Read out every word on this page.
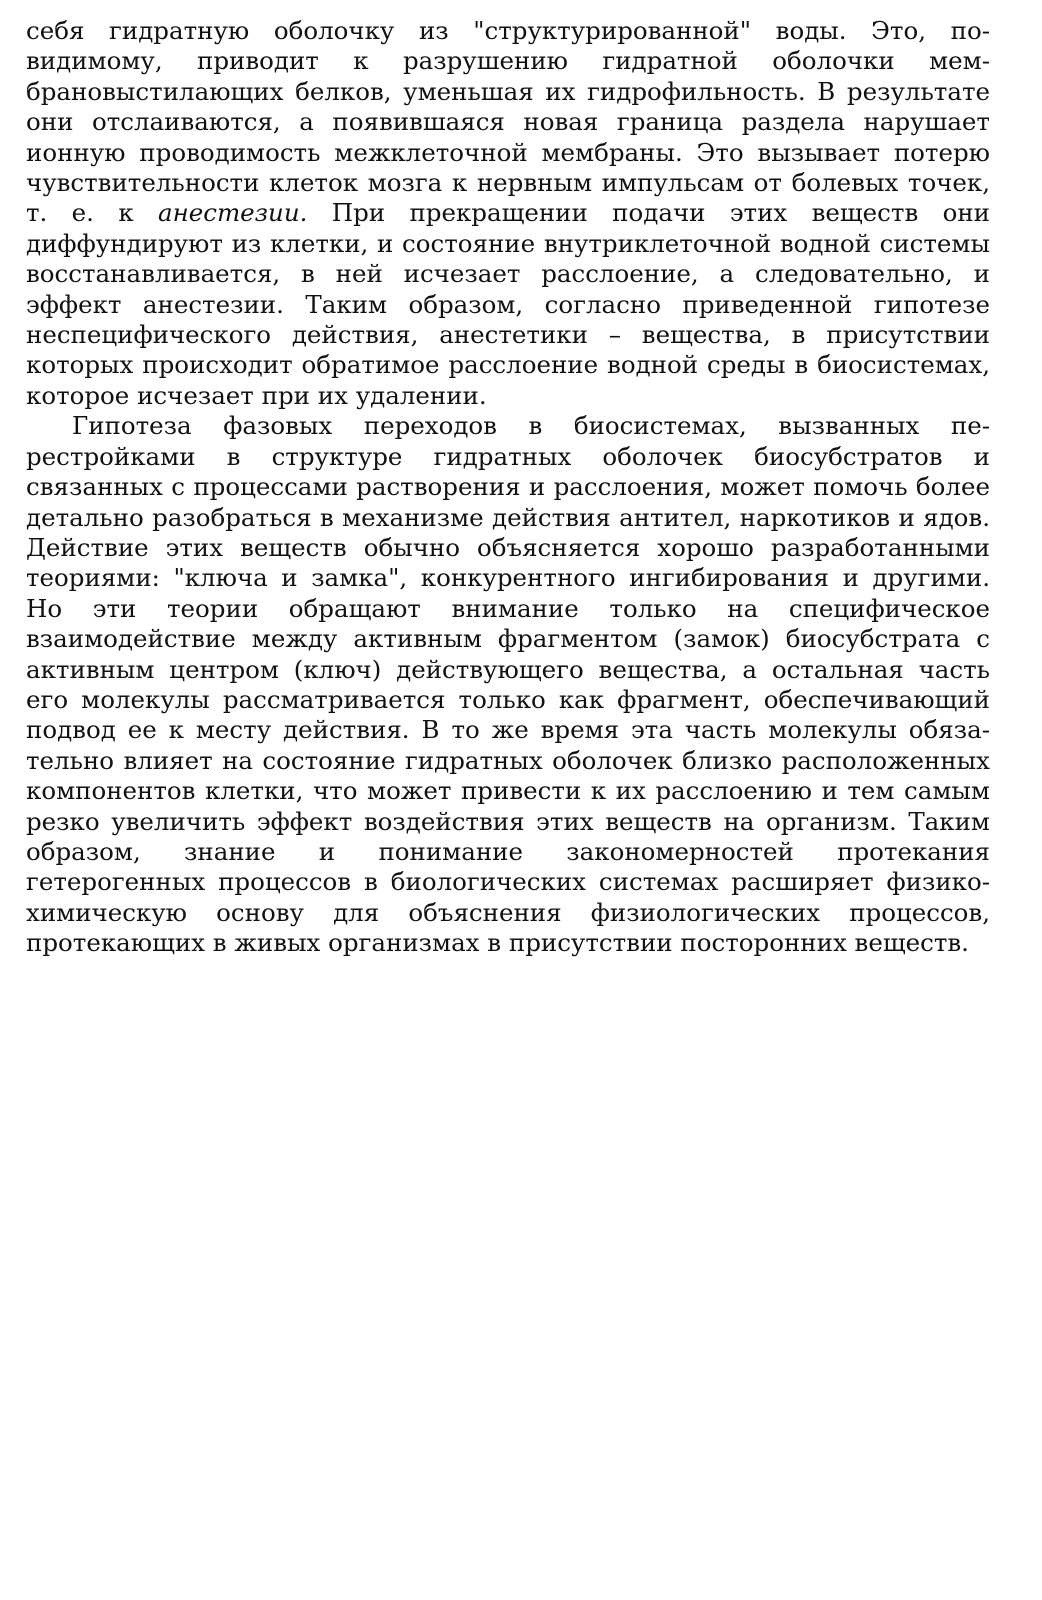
себя гидратную оболочку из "структурированной" воды. Это, повидимому, приводит к разрушению гидратной оболочки мембрановыстилающих белков, уменьшая их гидрофильность. В результате они отслаиваются, а появившаяся новая граница раздела нарушает ионную проводимость межклеточной мембраны. Это вызывает потерю чувствительности клеток мозга к нервным импульсам от болевых точек, т. е. к анестезии. При прекращении подачи этих веществ они диффундируют из клетки, и состояние внутриклеточной водной системы восстанавливается, в ней исчезает расслоение, а следовательно, и эффект анестезии. Таким образом, согласно приведенной гипотезе неспецифического действия, анестетики – вещества, в присутствии которых происходит обратимое расслоение водной среды в биосистемах, которое исчезает при их удалении.

Гипотеза фазовых переходов в биосистемах, вызванных перестройками в структуре гидратных оболочек биосубстратов и связанных с процессами растворения и расслоения, может помочь более детально разобраться в механизме действия антител, наркотиков и ядов. Действие этих веществ обычно объясняется хорошо разработанными теориями: "ключа и замка", конкурентного ингибирования и другими. Но эти теории обращают внимание только на специфическое взаимодействие между активным фрагментом (замок) биосубстрата с активным центром (ключ) действующего вещества, а остальная часть его молекулы рассматривается только как фрагмент, обеспечивающий подвод ее к месту действия. В то же время эта часть молекулы обязательно влияет на состояние гидратных оболочек близко расположенных компонентов клетки, что может привести к их расслоению и тем самым резко увеличить эффект воздействия этих веществ на организм. Таким образом, знание и понимание закономерностей протекания гетерогенных процессов в биологических системах расширяет физико-химическую основу для объяснения физиологических процессов, протекающих в живых организмах в присутствии посторонних веществ.
